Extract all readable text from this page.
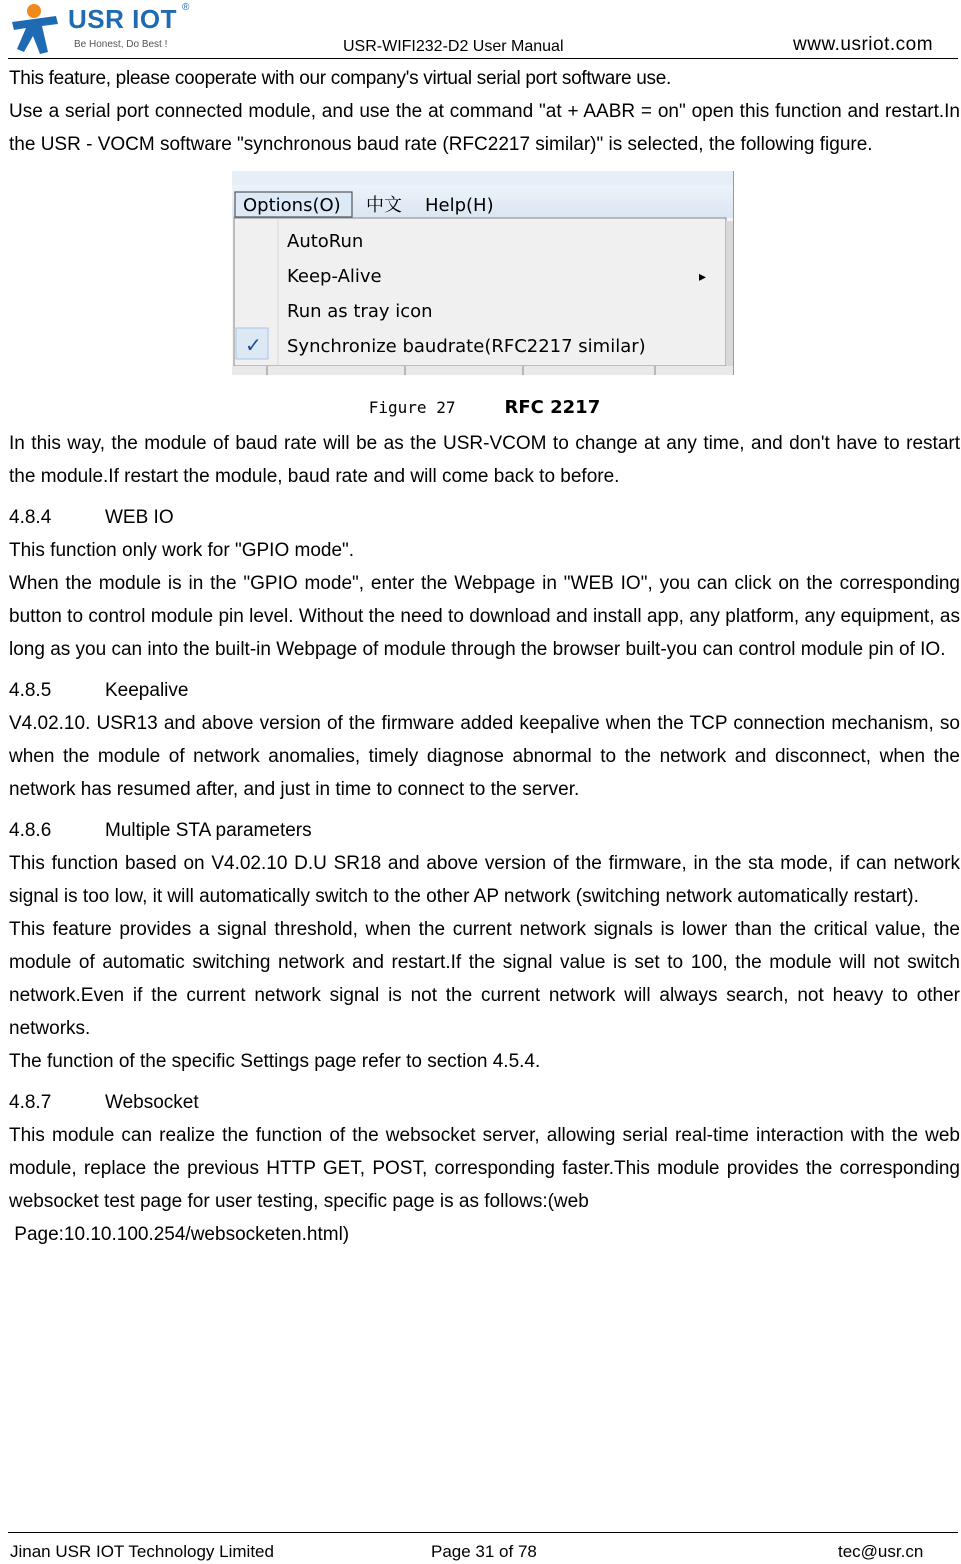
USR IOT ®
Be Honest, Do Best !	USR-WIFI232-D2 User Manual	www.usriot.com

This feature, please cooperate with our company's virtual serial port software use.

Use a serial port connected module, and use the at command "at + AABR = on" open this function and restart.In the USR - VOCM software "synchronous baud rate (RFC2217 similar)" is selected, the following figure.

Options(O) 中文 Help(H)
AutoRun
Keep-Alive	▸
Run as tray icon
✓ Synchronize baudrate(RFC2217 similar)
Figure 27	RFC 2217

In this way, the module of baud rate will be as the USR-VCOM to change at any time, and don't have to restart the module.If restart the module, baud rate and will come back to before.

4.8.4	WEB IO

This function only work for "GPIO mode".

When the module is in the "GPIO mode", enter the Webpage in "WEB IO", you can click on the corresponding button to control module pin level. Without the need to download and install app, any platform, any equipment, as long as you can into the built-in Webpage of module through the browser built-you can control module pin of IO.

4.8.5	Keepalive

V4.02.10. USR13 and above version of the firmware added keepalive when the TCP connection mechanism, so when the module of network anomalies, timely diagnose abnormal to the network and disconnect, when the network has resumed after, and just in time to connect to the server.

4.8.6	Multiple STA parameters

This function based on V4.02.10 D.U SR18 and above version of the firmware, in the sta mode, if can network signal is too low, it will automatically switch to the other AP network (switching network automatically restart).

This feature provides a signal threshold, when the current network signals is lower than the critical value, the module of automatic switching network and restart.If the signal value is set to 100, the module will not switch network.Even if the current network signal is not the current network will always search, not heavy to other networks.

The function of the specific Settings page refer to section 4.5.4.

4.8.7	Websocket

This module can realize the function of the websocket server, allowing serial real-time interaction with the web module, replace the previous HTTP GET, POST, corresponding faster.This module provides the corresponding websocket test page for user testing, specific page is as follows:(web

Page:10.10.100.254/websocketen.html)

Jinan USR IOT Technology Limited	Page 31 of 78	tec@usr.cn
